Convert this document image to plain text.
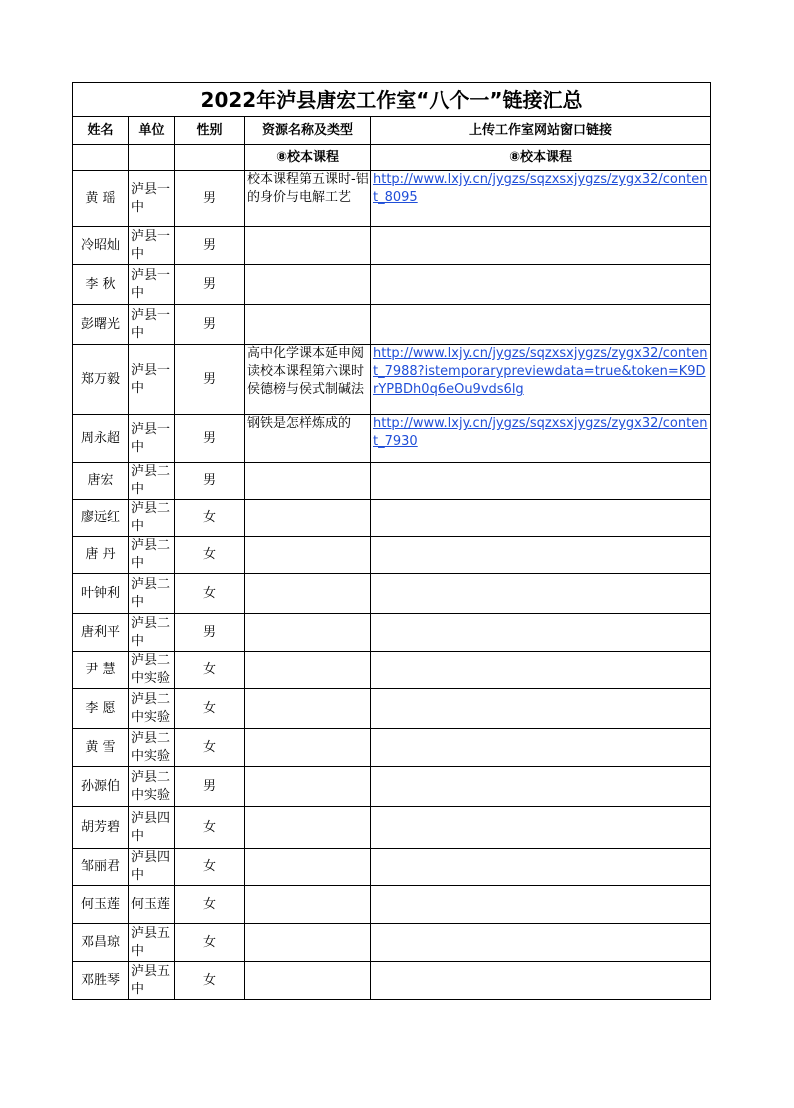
2022年泸县唐宏工作室“八个一”链接汇总				
姓名	单位	性别	资源名称及类型	上传工作室网站窗口链接
			⑧校本课程	⑧校本课程
黄 瑶	泸县一中	男	校本课程第五课时-铝的身价与电解工艺	http://www.lxjy.cn/jygzs/sqzxsxjygzs/zygx32/content_8095
冷昭灿	泸县一中	男		
李 秋	泸县一中	男		
彭曙光	泸县一中	男		
郑万毅	泸县一中	男	高中化学课本延申阅读校本课程第六课时侯德榜与侯式制碱法	http://www.lxjy.cn/jygzs/sqzxsxjygzs/zygx32/content_7988?istemporarypreviewdata=true&token=K9DrYPBDh0q6eOu9vds6lg
周永超	泸县一中	男	钢铁是怎样炼成的	http://www.lxjy.cn/jygzs/sqzxsxjygzs/zygx32/content_7930
唐宏	泸县二中	男		
廖远红	泸县二中	女		
唐 丹	泸县二中	女		
叶钟利	泸县二中	女		
唐利平	泸县二中	男		
尹 慧	泸县二中实验	女		
李 愿	泸县二中实验	女		
黄 雪	泸县二中实验	女		
孙源伯	泸县二中实验	男		
胡芳碧	泸县四中	女		
邹丽君	泸县四中	女		
何玉莲	何玉莲	女		
邓昌琼	泸县五中	女		
邓胜琴	泸县五中	女		
